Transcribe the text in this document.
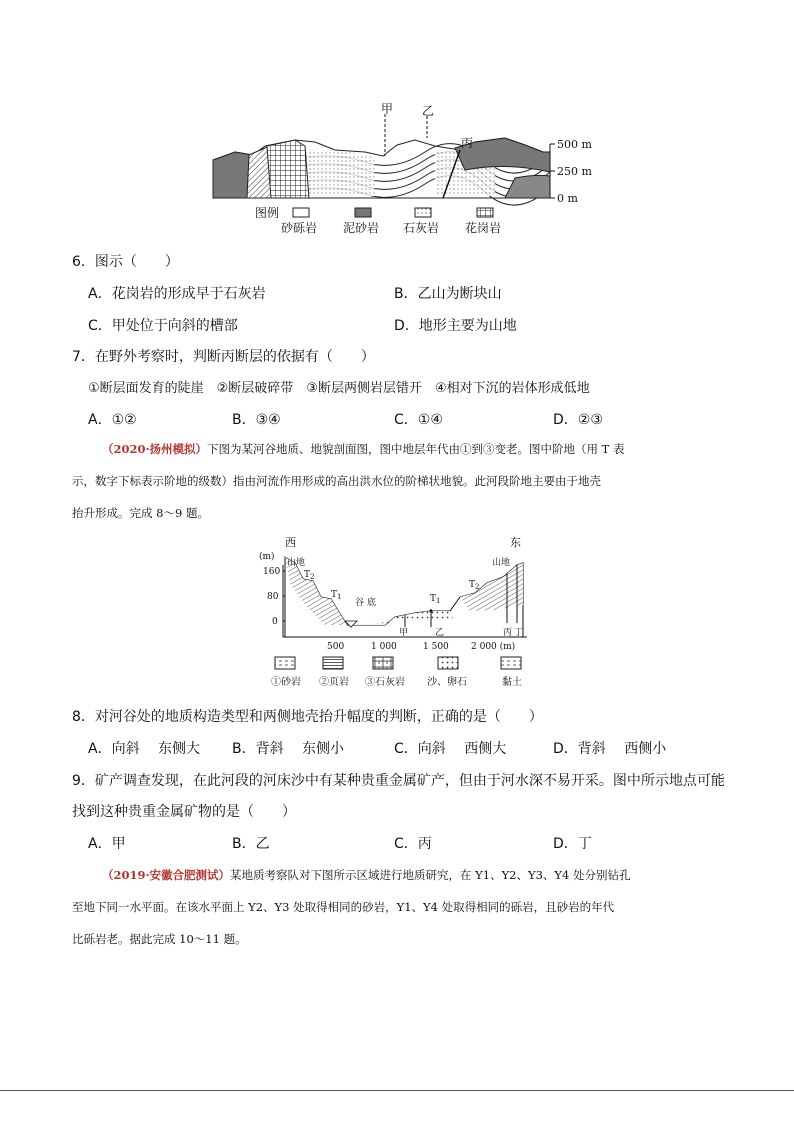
甲 乙
丙	500 m
250 m
0 m
图例
砂砾岩 泥砂岩 石灰岩 花岗岩
6．图示（　　）
A．花岗岩的形成早于石灰岩	B．乙山为断块山
C．甲处位于向斜的槽部	D．地形主要为山地
7．在野外考察时，判断丙断层的依据有（　　）
①断层面发育的陡崖　②断层破碎带　③断层两侧岩层错开　④相对下沉的岩体形成低地
A．①②	B．③④	C．①④	D．②③
（2020·扬州模拟）下图为某河谷地质、地貌剖面图，图中地层年代由①到③变老。图中阶地（用 T 表
示，数字下标表示阶地的级数）指由河流作用形成的高出洪水位的阶梯状地貌。此河段阶地主要由于地壳
抬升形成。完成 8～9 题。
西	东
(m)
160
80
0
500	1 000	1 500 2 000 (m)
山地	山地
$T_2$
$T_1$	$T_1$
$T_2$
谷 底
甲	乙	丙 丁
①砂岩 ②页岩 ③石灰岩 沙、卵石	黏土
8．对河谷处的地质构造类型和两侧地壳抬升幅度的判断，正确的是（　　）
A．向斜　 东侧大 B．背斜　 东侧小	C．向斜　 西侧大	D．背斜　 西侧小
9．矿产调查发现，在此河段的河床沙中有某种贵重金属矿产，但由于河水深不易开采。图中所示地点可能
找到这种贵重金属矿物的是（　　）
A．甲	B．乙	C．丙	D．丁
（2019·安徽合肥测试）某地质考察队对下图所示区域进行地质研究，在 Y1、Y2、Y3、Y4 处分别钻孔
至地下同一水平面。在该水平面上 Y2、Y3 处取得相同的砂岩，Y1、Y4 处取得相同的砾岩，且砂岩的年代
比砾岩老。据此完成 10～11 题。
